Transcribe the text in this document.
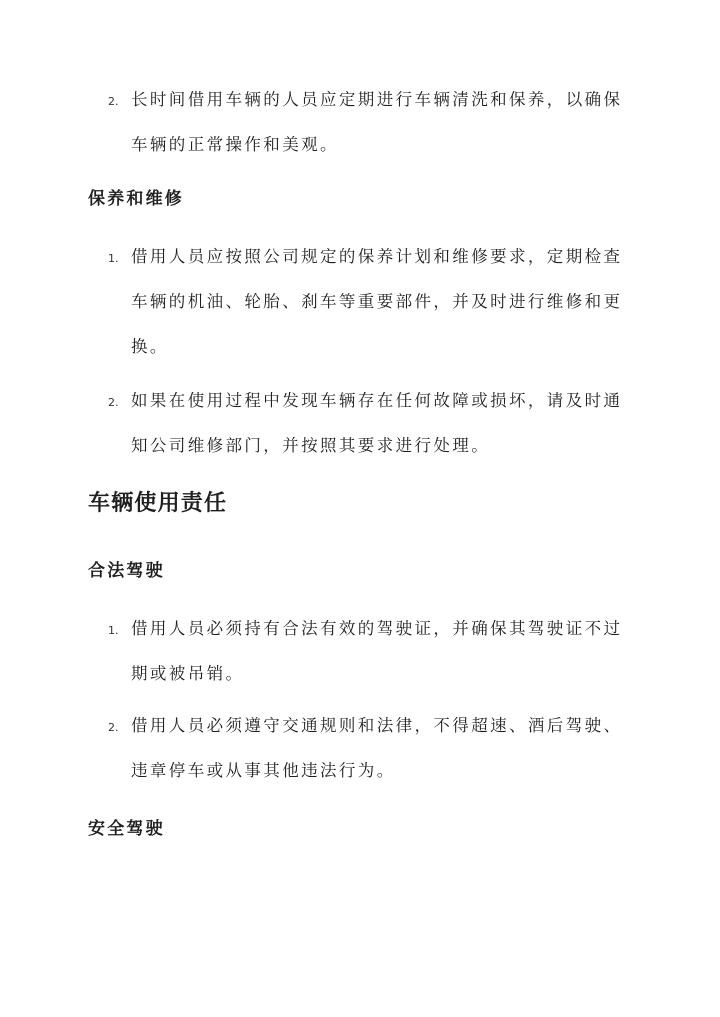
2. 长时间借用车辆的人员应定期进行车辆清洗和保养，以确保
车辆的正常操作和美观。
保养和维修
1. 借用人员应按照公司规定的保养计划和维修要求，定期检查
车辆的机油、轮胎、刹车等重要部件，并及时进行维修和更
换。
2. 如果在使用过程中发现车辆存在任何故障或损坏，请及时通
知公司维修部门，并按照其要求进行处理。
车辆使用责任
合法驾驶
1. 借用人员必须持有合法有效的驾驶证，并确保其驾驶证不过
期或被吊销。
2. 借用人员必须遵守交通规则和法律，不得超速、酒后驾驶、
违章停车或从事其他违法行为。
安全驾驶
